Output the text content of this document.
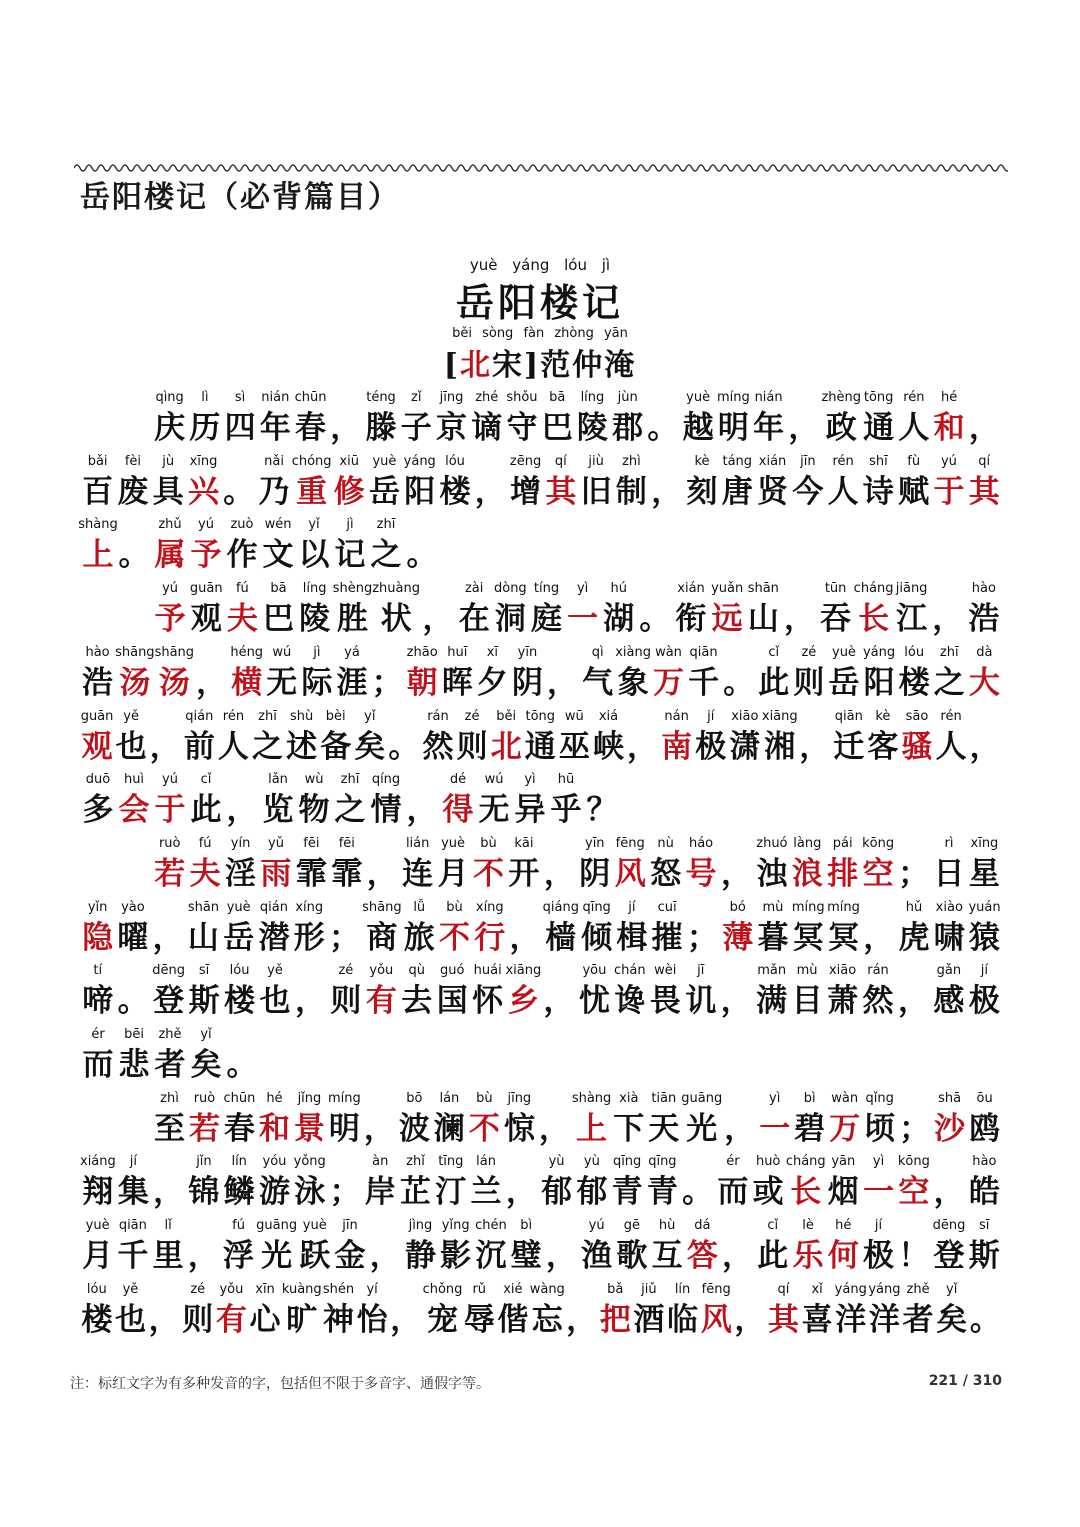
岳阳楼记（必背篇目）
yuè yáng lóu jì
岳阳楼记
běi sòng fàn zhòng yān
[北宋]范仲淹
qìng
庆
lì
历
sì
四
nián
年
chūn
春 ，
téng
滕
zǐ
子
jīng
京
zhé
谪
shǒu
守
bā
巴
líng
陵
jùn
郡 。
yuè
越
míng
明
nián
年 ，
zhèng
政
tōng
通
rén
人
hé
和 ，
bǎi
百
fèi
废
jù
具
xīng
兴 。
nǎi
乃
chóng
重
xiū
修
yuè
岳
yáng
阳
lóu
楼 ，
zēng
增
qí
其
jiù
旧
zhì
制 ，
kè
刻
táng
唐
xián
贤
jīn
今
rén
人
shī
诗
fù
赋
yú
于
qí
其
shàng
上 。
zhǔ
属
yú
予
zuò
作
wén
文
yǐ
以
jì
记
zhī
之 。
yú
予
guān
观
fú
夫
bā
巴
líng
陵
shèng
胜
zhuàng
状 ，
zài
在
dòng
洞
tíng
庭
yì
一
hú
湖 。
xián
衔
yuǎn
远
shān
山 ，
tūn
吞
cháng
长
jiāng
江 ，
hào
浩
hào
浩
shāng
汤
shāng
汤 ，
héng
横
wú
无
jì
际
yá
涯 ；
zhāo
朝
huī
晖
xī
夕
yīn
阴 ，
qì
气
xiàng
象
wàn
万
qiān
千 。
cǐ
此
zé
则
yuè
岳
yáng
阳
lóu
楼
zhī
之
dà
大
guān
观
yě
也 ，
qián
前
rén
人
zhī
之
shù
述
bèi
备
yǐ
矣 。
rán
然
zé
则
běi
北
tōng
通
wū
巫
xiá
峡 ，
nán
南
jí
极
xiāo
潇
xiāng
湘 ，
qiān
迁
kè
客
sāo
骚
rén
人 ，
duō
多
huì
会
yú
于
cǐ
此 ，
lǎn
览
wù
物
zhī
之
qíng
情 ，
dé
得
wú
无
yì
异
hū
乎 ？
ruò
若
fú
夫
yín
淫
yǔ
雨
fēi
霏
fēi
霏 ，
lián
连
yuè
月
bù
不
kāi
开 ，
yīn
阴
fēng
风
nù
怒
háo
号 ，
zhuó
浊
làng
浪
pái
排
kōng
空 ；
rì
日
xīng
星
yǐn
隐
yào
曜 ，
shān
山
yuè
岳
qián
潜
xíng
形 ；
shāng
商
lǚ
旅
bù
不
xíng
行 ，
qiáng
樯
qīng
倾
jí
楫
cuī
摧 ；
bó
薄
mù
暮
míng
冥
míng
冥 ，
hǔ
虎
xiào
啸
yuán
猿
tí
啼 。
dēng
登
sī
斯
lóu
楼
yě
也 ，
zé
则
yǒu
有
qù
去
guó
国
huái
怀
xiāng
乡 ，
yōu
忧
chán
谗
wèi
畏
jī
讥 ，
mǎn
满
mù
目
xiāo
萧
rán
然 ，
gǎn
感
jí
极
ér
而
bēi
悲
zhě
者
yǐ
矣 。
zhì
至
ruò
若
chūn
春
hé
和
jǐng
景
míng
明 ，
bō
波
lán
澜
bù
不
jīng
惊 ，
shàng
上
xià
下
tiān
天
guāng
光 ，
yì
一
bì
碧
wàn
万
qǐng
顷 ；
shā
沙
ōu
鸥
xiáng
翔
jí
集 ，
jǐn
锦
lín
鳞
yóu
游
yǒng
泳 ；
àn
岸
zhǐ
芷
tīng
汀
lán
兰 ，
yù
郁
yù
郁
qīng
青
qīng
青 。
ér
而
huò
或
cháng
长
yān
烟
yì
一
kōng
空 ，
hào
皓
yuè
月
qiān
千
lǐ
里 ，
fú
浮
guāng
光
yuè
跃
jīn
金 ，
jìng
静
yǐng
影
chén
沉
bì
璧 ，
yú
渔
gē
歌
hù
互
dá
答 ，
cǐ
此
lè
乐
hé
何
jí
极 ！
dēng
登
sī
斯
lóu
楼
yě
也 ，
zé
则
yǒu
有
xīn
心
kuàng
旷
shén
神
yí
怡 ，
chǒng
宠
rǔ
辱
xié
偕
wàng
忘 ，
bǎ
把
jiǔ
酒
lín
临
fēng
风 ，
qí
其
xǐ
喜
yáng
洋
yáng
洋
zhě
者
yǐ
矣 。
注：标红文字为有多种发音的字，包括但不限于多音字、通假字等。	221 / 310
